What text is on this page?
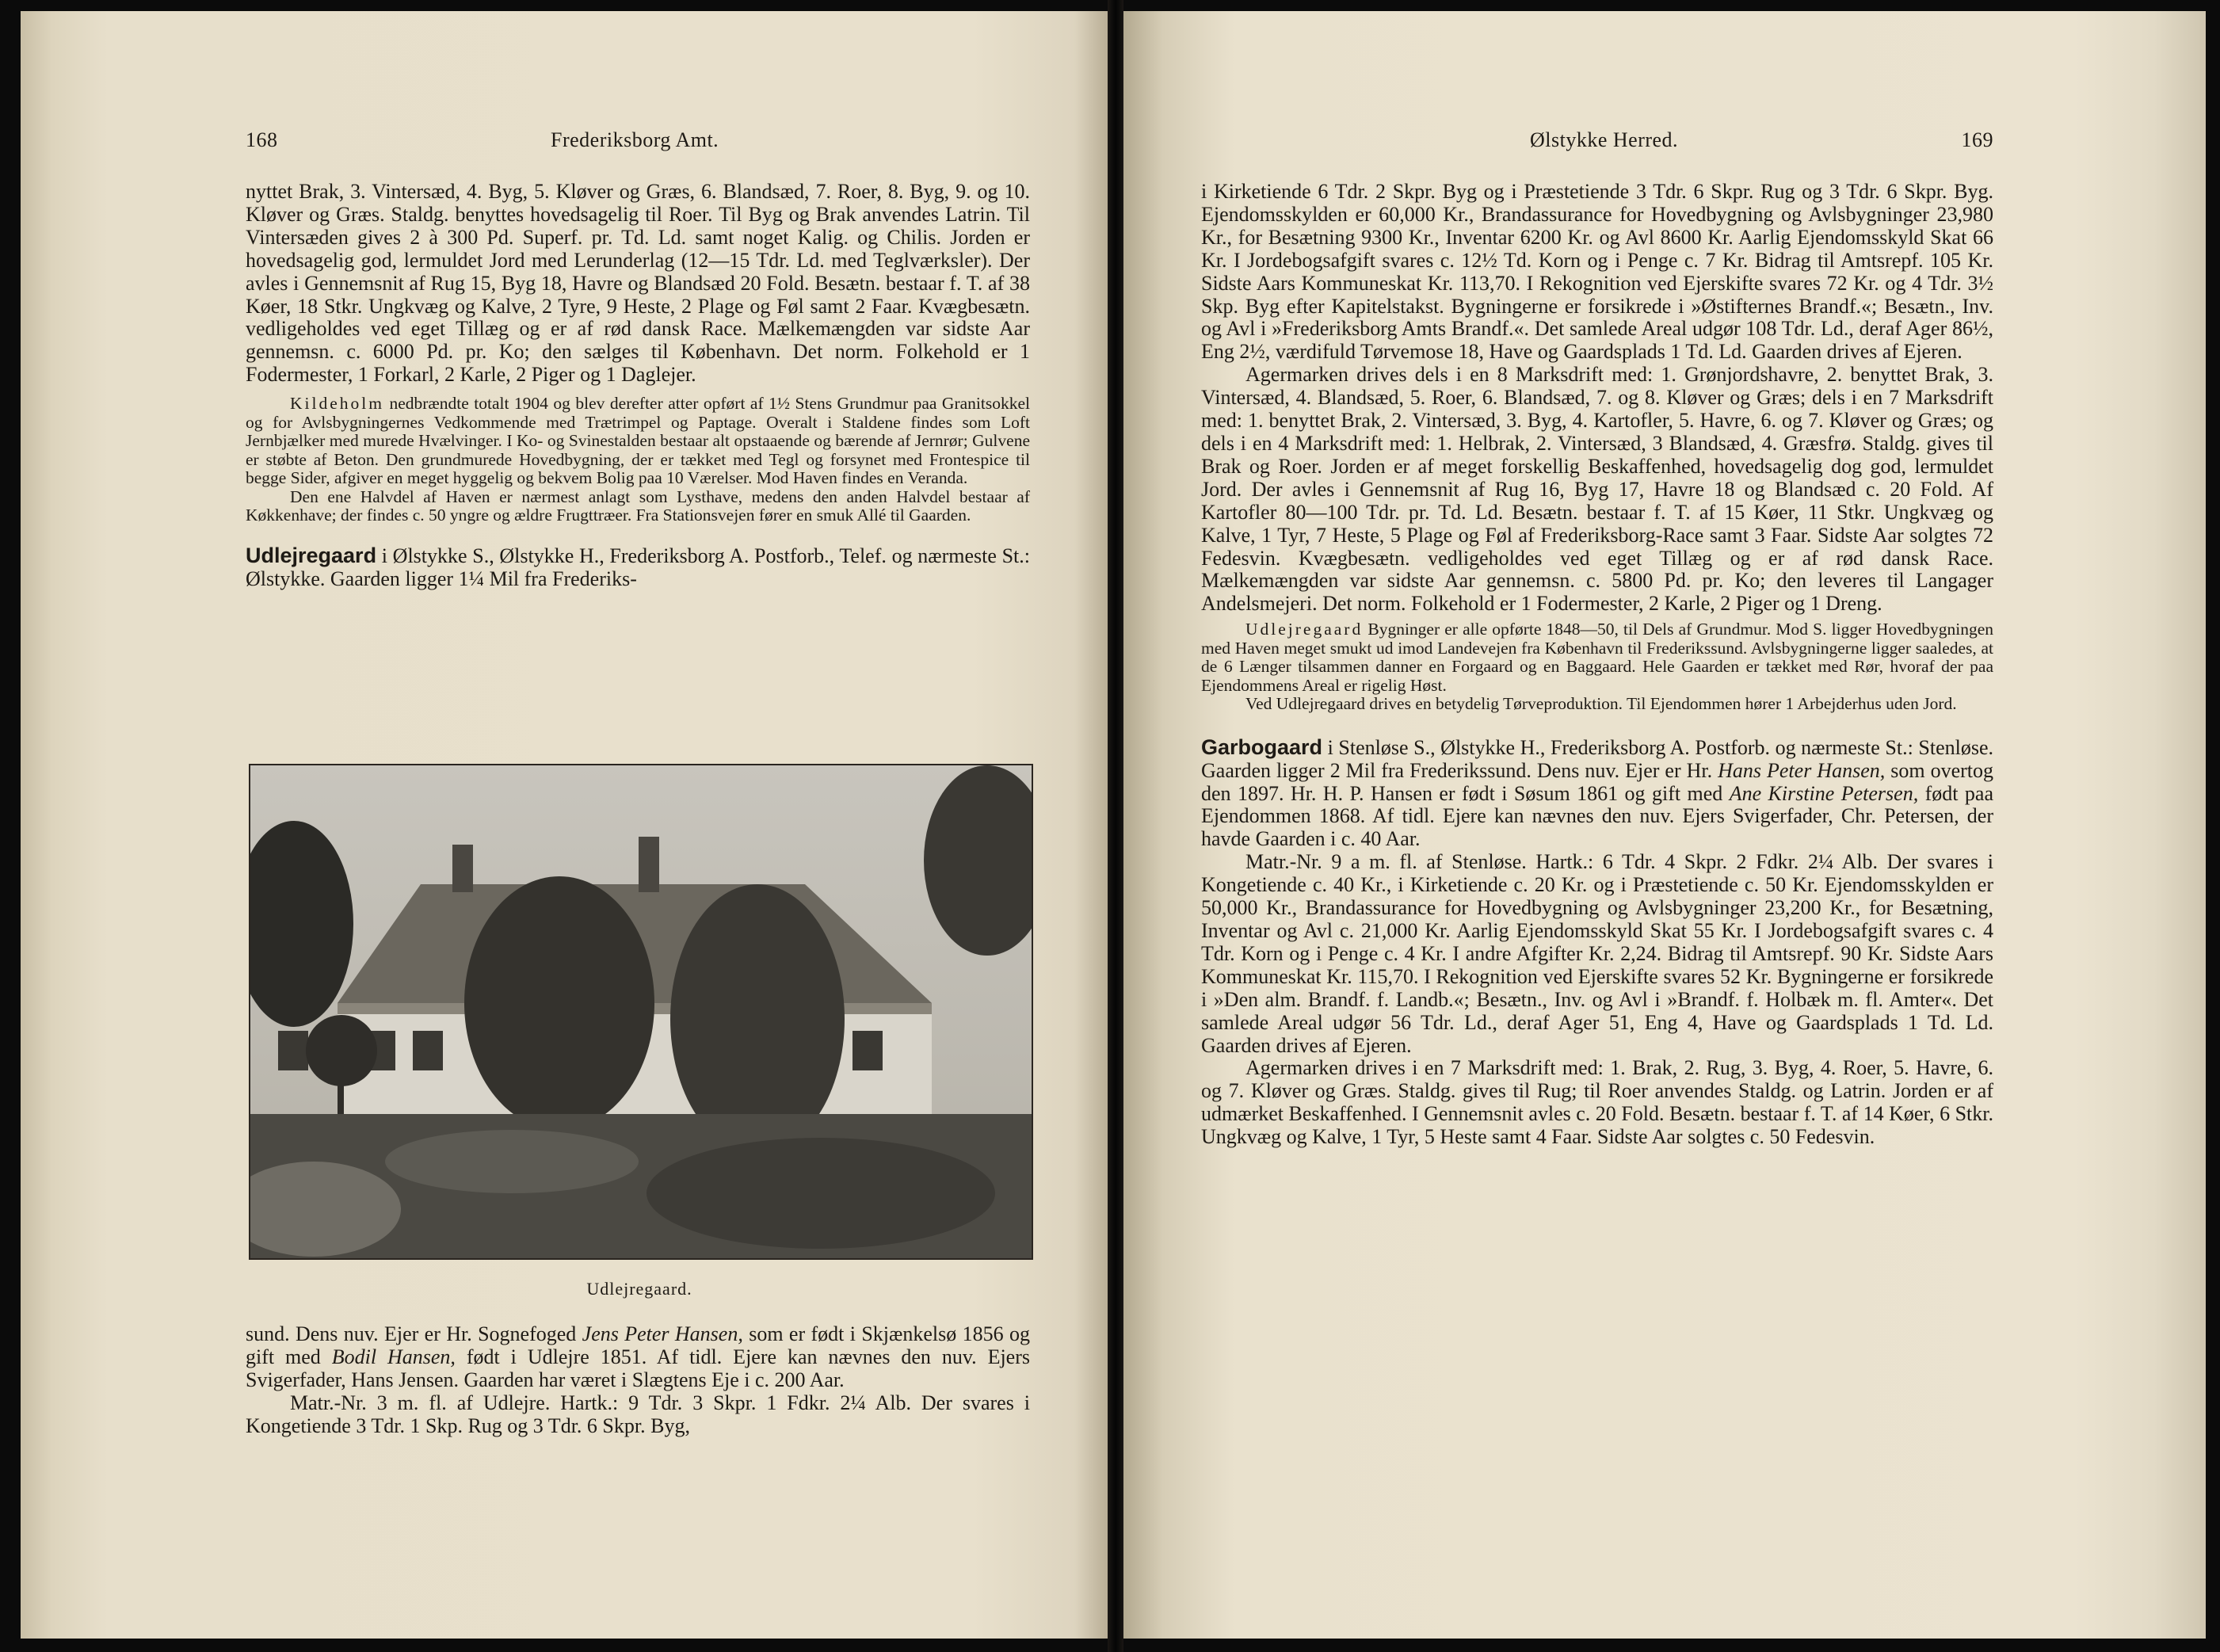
168	Frederiksborg Amt.

nyttet Brak, 3. Vintersæd, 4. Byg, 5. Kløver og Græs, 6. Blandsæd, 7. Roer, 8. Byg, 9. og 10. Kløver og Græs. Staldg. benyttes hovedsagelig til Roer. Til Byg og Brak anvendes Latrin. Til Vintersæden gives 2 à 300 Pd. Superf. pr. Td. Ld. samt noget Kalig. og Chilis. Jorden er hovedsagelig god, lermuldet Jord med Lerunderlag (12—15 Tdr. Ld. med Teglværksler). Der avles i Gennemsnit af Rug 15, Byg 18, Havre og Blandsæd 20 Fold. Besætn. bestaar f. T. af 38 Køer, 18 Stkr. Ungkvæg og Kalve, 2 Tyre, 9 Heste, 2 Plage og Føl samt 2 Faar. Kvægbesætn. vedligeholdes ved eget Tillæg og er af rød dansk Race. Mælkemængden var sidste Aar gennemsn. c. 6000 Pd. pr. Ko; den sælges til København. Det norm. Folkehold er 1 Fodermester, 1 Forkarl, 2 Karle, 2 Piger og 1 Daglejer.

Kildeholm nedbrændte totalt 1904 og blev derefter atter opført af 1½ Stens Grundmur paa Granitsokkel og for Avlsbygningernes Vedkommende med Trætrimpel og Paptage. Overalt i Staldene findes som Loft Jernbjælker med murede Hvælvinger. I Ko- og Svinestalden bestaar alt opstaaende og bærende af Jernrør; Gulvene er støbte af Beton. Den grundmurede Hovedbygning, der er tækket med Tegl og forsynet med Frontespice til begge Sider, afgiver en meget hyggelig og bekvem Bolig paa 10 Værelser. Mod Haven findes en Veranda.

Den ene Halvdel af Haven er nærmest anlagt som Lysthave, medens den anden Halvdel bestaar af Køkkenhave; der findes c. 50 yngre og ældre Frugttræer. Fra Stationsvejen fører en smuk Allé til Gaarden.

Udlejregaard i Ølstykke S., Ølstykke H., Frederiksborg A. Postforb., Telef. og nærmeste St.: Ølstykke. Gaarden ligger 1¼ Mil fra Frederiks-

Udlejregaard.

sund. Dens nuv. Ejer er Hr. Sognefoged Jens Peter Hansen, som er født i Skjænkelsø 1856 og gift med Bodil Hansen, født i Udlejre 1851. Af tidl. Ejere kan nævnes den nuv. Ejers Svigerfader, Hans Jensen. Gaarden har været i Slægtens Eje i c. 200 Aar.

Matr.-Nr. 3 m. fl. af Udlejre. Hartk.: 9 Tdr. 3 Skpr. 1 Fdkr. 2¼ Alb. Der svares i Kongetiende 3 Tdr. 1 Skp. Rug og 3 Tdr. 6 Skpr. Byg,

Ølstykke Herred.	169

i Kirketiende 6 Tdr. 2 Skpr. Byg og i Præstetiende 3 Tdr. 6 Skpr. Rug og 3 Tdr. 6 Skpr. Byg. Ejendomsskylden er 60,000 Kr., Brandassurance for Hovedbygning og Avlsbygninger 23,980 Kr., for Besætning 9300 Kr., Inventar 6200 Kr. og Avl 8600 Kr. Aarlig Ejendomsskyld Skat 66 Kr. I Jordebogsafgift svares c. 12½ Td. Korn og i Penge c. 7 Kr. Bidrag til Amtsrepf. 105 Kr. Sidste Aars Kommuneskat Kr. 113,70. I Rekognition ved Ejerskifte svares 72 Kr. og 4 Tdr. 3½ Skp. Byg efter Kapitelstakst. Bygningerne er forsikrede i »Østifternes Brandf.«; Besætn., Inv. og Avl i »Frederiksborg Amts Brandf.«. Det samlede Areal udgør 108 Tdr. Ld., deraf Ager 86½, Eng 2½, værdifuld Tørvemose 18, Have og Gaardsplads 1 Td. Ld. Gaarden drives af Ejeren.

Agermarken drives dels i en 8 Marksdrift med: 1. Grønjordshavre, 2. benyttet Brak, 3. Vintersæd, 4. Blandsæd, 5. Roer, 6. Blandsæd, 7. og 8. Kløver og Græs; dels i en 7 Marksdrift med: 1. benyttet Brak, 2. Vintersæd, 3. Byg, 4. Kartofler, 5. Havre, 6. og 7. Kløver og Græs; og dels i en 4 Marksdrift med: 1. Helbrak, 2. Vintersæd, 3 Blandsæd, 4. Græsfrø. Staldg. gives til Brak og Roer. Jorden er af meget forskellig Beskaffenhed, hovedsagelig dog god, lermuldet Jord. Der avles i Gennemsnit af Rug 16, Byg 17, Havre 18 og Blandsæd c. 20 Fold. Af Kartofler 80—100 Tdr. pr. Td. Ld. Besætn. bestaar f. T. af 15 Køer, 11 Stkr. Ungkvæg og Kalve, 1 Tyr, 7 Heste, 5 Plage og Føl af Frederiksborg-Race samt 3 Faar. Sidste Aar solgtes 72 Fedesvin. Kvægbesætn. vedligeholdes ved eget Tillæg og er af rød dansk Race. Mælkemængden var sidste Aar gennemsn. c. 5800 Pd. pr. Ko; den leveres til Langager Andelsmejeri. Det norm. Folkehold er 1 Fodermester, 2 Karle, 2 Piger og 1 Dreng.

Udlejregaard Bygninger er alle opførte 1848—50, til Dels af Grundmur. Mod S. ligger Hovedbygningen med Haven meget smukt ud imod Landevejen fra København til Frederikssund. Avlsbygningerne ligger saaledes, at de 6 Længer tilsammen danner en Forgaard og en Baggaard. Hele Gaarden er tækket med Rør, hvoraf der paa Ejendommens Areal er rigelig Høst.

Ved Udlejregaard drives en betydelig Tørveproduktion. Til Ejendommen hører 1 Arbejderhus uden Jord.

Garbogaard i Stenløse S., Ølstykke H., Frederiksborg A. Postforb. og nærmeste St.: Stenløse. Gaarden ligger 2 Mil fra Frederikssund. Dens nuv. Ejer er Hr. Hans Peter Hansen, som overtog den 1897. Hr. H. P. Hansen er født i Søsum 1861 og gift med Ane Kirstine Petersen, født paa Ejendommen 1868. Af tidl. Ejere kan nævnes den nuv. Ejers Svigerfader, Chr. Petersen, der havde Gaarden i c. 40 Aar.

Matr.-Nr. 9 a m. fl. af Stenløse. Hartk.: 6 Tdr. 4 Skpr. 2 Fdkr. 2¼ Alb. Der svares i Kongetiende c. 40 Kr., i Kirketiende c. 20 Kr. og i Præstetiende c. 50 Kr. Ejendomsskylden er 50,000 Kr., Brandassurance for Hovedbygning og Avlsbygninger 23,200 Kr., for Besætning, Inventar og Avl c. 21,000 Kr. Aarlig Ejendomsskyld Skat 55 Kr. I Jordebogsafgift svares c. 4 Tdr. Korn og i Penge c. 4 Kr. I andre Afgifter Kr. 2,24. Bidrag til Amtsrepf. 90 Kr. Sidste Aars Kommuneskat Kr. 115,70. I Rekognition ved Ejerskifte svares 52 Kr. Bygningerne er forsikrede i »Den alm. Brandf. f. Landb.«; Besætn., Inv. og Avl i »Brandf. f. Holbæk m. fl. Amter«. Det samlede Areal udgør 56 Tdr. Ld., deraf Ager 51, Eng 4, Have og Gaardsplads 1 Td. Ld. Gaarden drives af Ejeren.

Agermarken drives i en 7 Marksdrift med: 1. Brak, 2. Rug, 3. Byg, 4. Roer, 5. Havre, 6. og 7. Kløver og Græs. Staldg. gives til Rug; til Roer anvendes Staldg. og Latrin. Jorden er af udmærket Beskaffenhed. I Gennemsnit avles c. 20 Fold. Besætn. bestaar f. T. af 14 Køer, 6 Stkr. Ungkvæg og Kalve, 1 Tyr, 5 Heste samt 4 Faar. Sidste Aar solgtes c. 50 Fedesvin.
